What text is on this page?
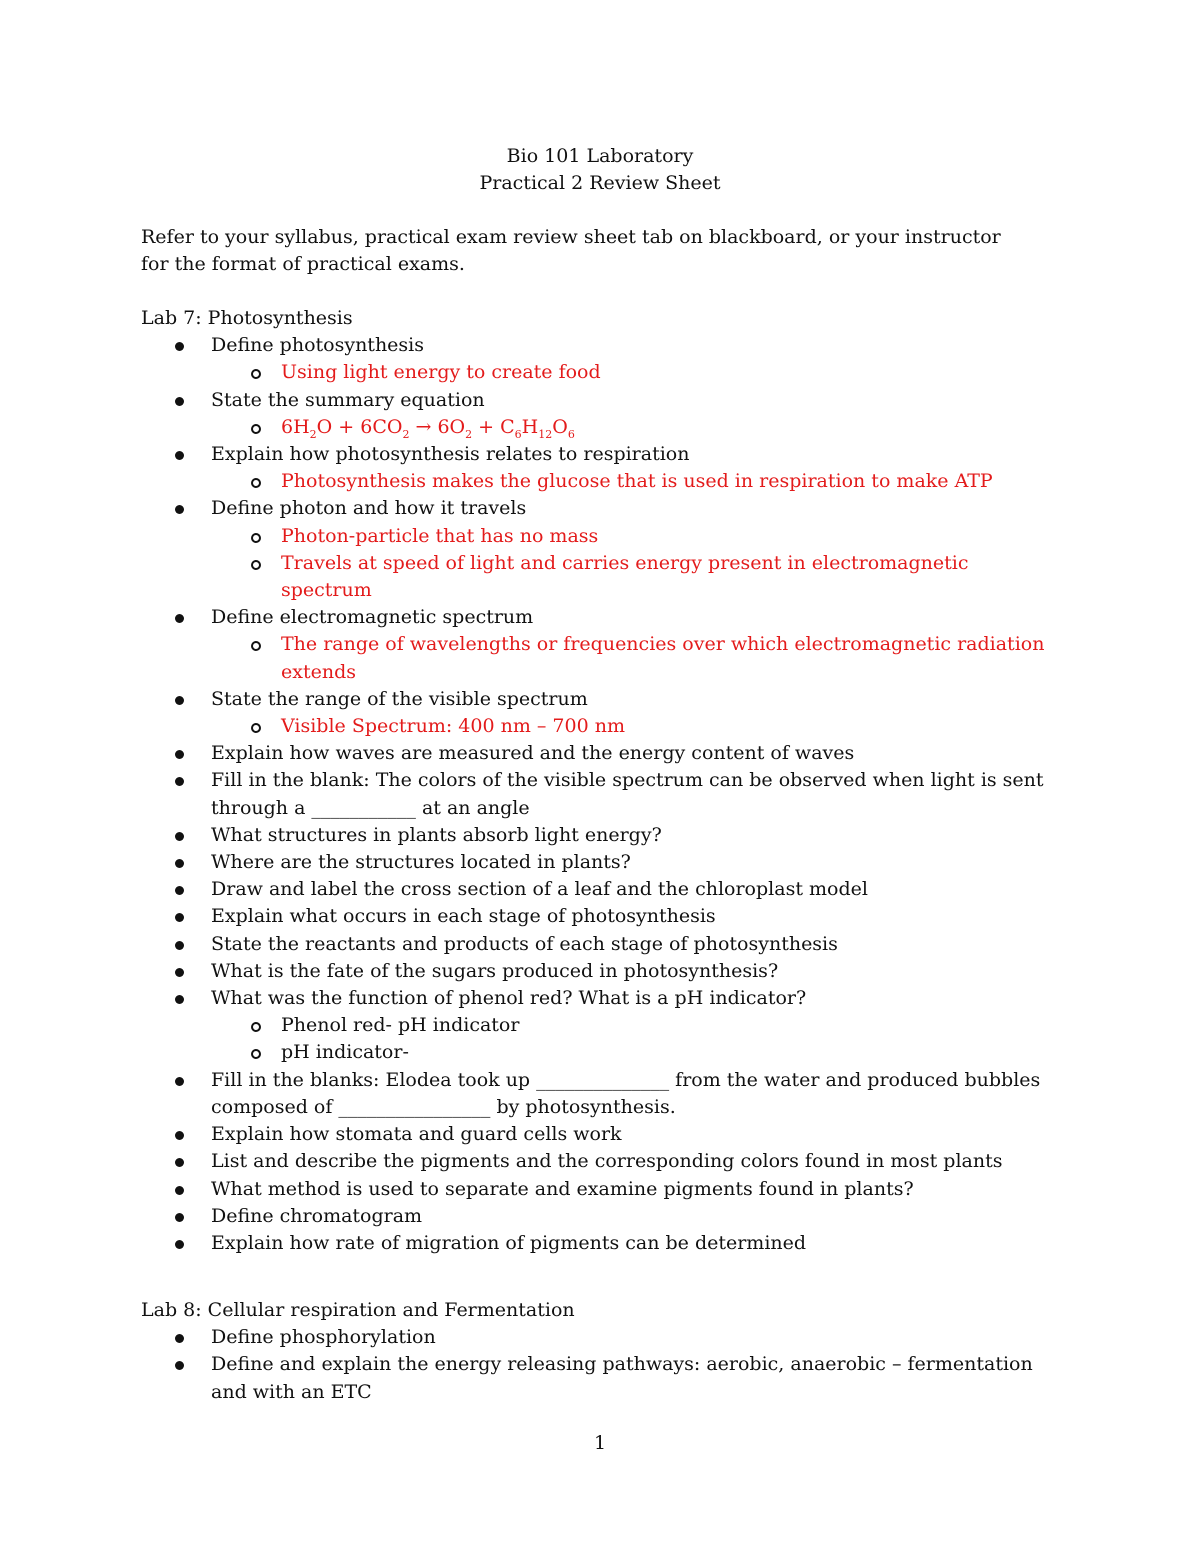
Bio 101 Laboratory
Practical 2 Review Sheet
Refer to your syllabus, practical exam review sheet tab on blackboard, or your instructor
for the format of practical exams.
Lab 7: Photosynthesis
Define photosynthesis
Using light energy to create food
State the summary equation
$6H_2O + 6CO_2 \to 6O_2 + C_6H_{12}O_6$
Explain how photosynthesis relates to respiration
Photosynthesis makes the glucose that is used in respiration to make ATP
Define photon and how it travels
Photon-particle that has no mass
Travels at speed of light and carries energy present in electromagnetic spectrum
Define electromagnetic spectrum
The range of wavelengths or frequencies over which electromagnetic radiation extends
State the range of the visible spectrum
Visible Spectrum: 400 nm – 700 nm
Explain how waves are measured and the energy content of waves
Fill in the blank: The colors of the visible spectrum can be observed when light is sent through a ___________ at an angle
What structures in plants absorb light energy?
Where are the structures located in plants?
Draw and label the cross section of a leaf and the chloroplast model
Explain what occurs in each stage of photosynthesis
State the reactants and products of each stage of photosynthesis
What is the fate of the sugars produced in photosynthesis?
What was the function of phenol red? What is a pH indicator?
Phenol red- pH indicator
pH indicator-
Fill in the blanks: Elodea took up ______________ from the water and produced bubbles composed of ________________ by photosynthesis.
Explain how stomata and guard cells work
List and describe the pigments and the corresponding colors found in most plants
What method is used to separate and examine pigments found in plants?
Define chromatogram
Explain how rate of migration of pigments can be determined
Lab 8: Cellular respiration and Fermentation
Define phosphorylation
Define and explain the energy releasing pathways: aerobic, anaerobic – fermentation and with an ETC
1
